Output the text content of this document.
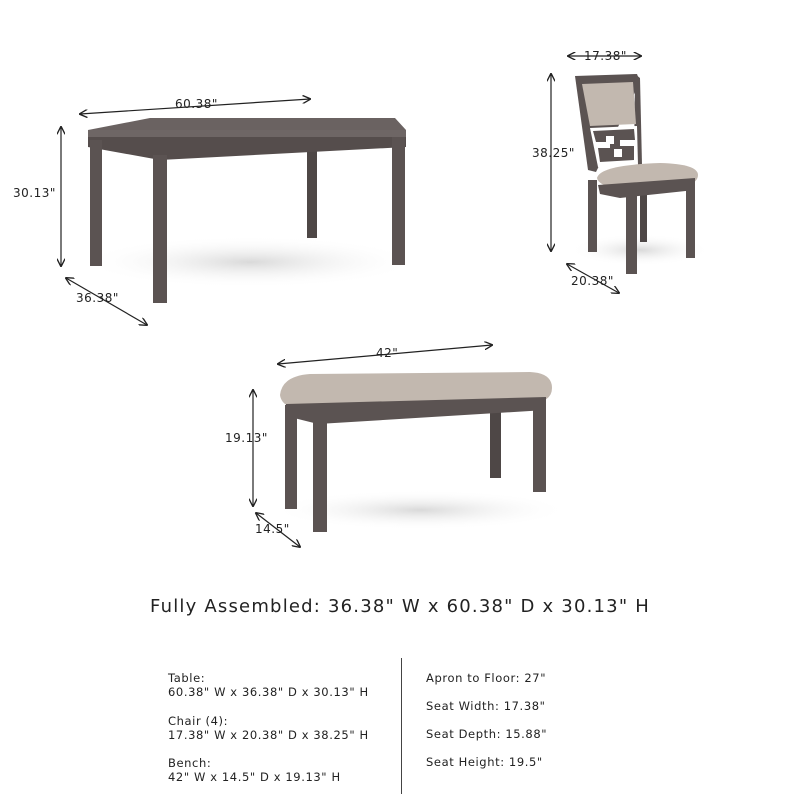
60.38"
30.13"
36.38"
17.38"
38.25"
20.38"
42"
19.13"
14.5"
Fully Assembled: 36.38" W x 60.38" D x 30.13" H
Table:
60.38" W x 36.38" D x 30.13" H
Chair (4):
17.38" W x 20.38" D x 38.25" H
Bench:
42" W x 14.5" D x 19.13" H
Apron to Floor: 27"
Seat Width: 17.38"
Seat Depth: 15.88"
Seat Height: 19.5"
